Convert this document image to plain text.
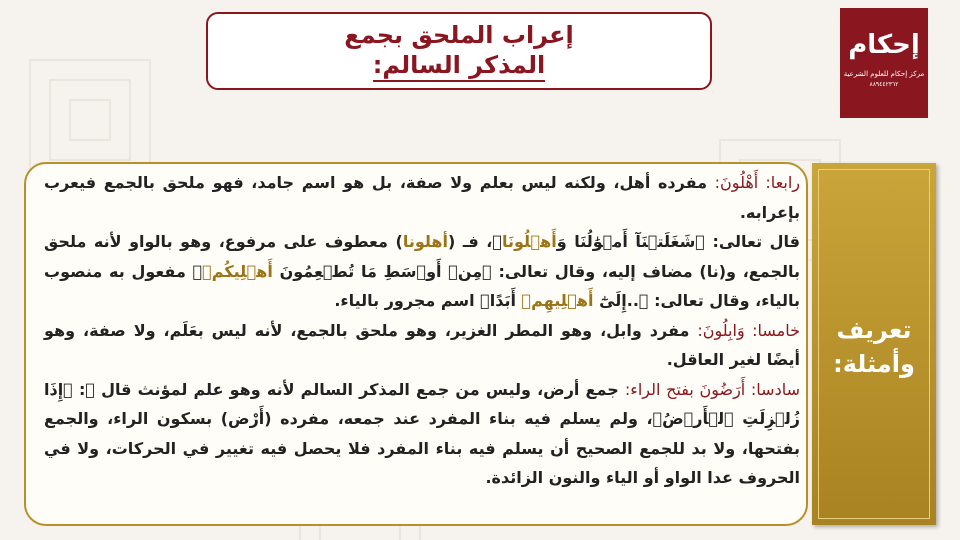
إعراب الملحق بجمع
المذكر السالم:
إحكام
مركز إحكام للعلوم الشرعية
٨٨٩٤٤٢٣٦٢

رابعا: أَهْلُونَ: مفرده أهل، ولكنه ليس بعلم ولا صفة، بل هو اسم جامد، فهو ملحق بالجمع فيعرب بإعرابه.

قال تعالى: ﴿شَغَلَتۡنَآ أَمۡوَٰلُنَا وَأَهۡلُونَا﴾، فـ (أهلونا) معطوف على مرفوع، وهو بالواو لأنه ملحق بالجمع، و(نا) مضاف إليه، وقال تعالى: ﴿مِنۡ أَوۡسَطِ مَا تُطۡعِمُونَ أَهۡلِيكُمۡ﴾ مفعول به منصوب بالياء، وقال تعالى: ﴿..إِلَىٰٓ أَهۡلِيهِمۡ أَبَدًا﴾ اسم مجرور بالياء.

خامسا: وَابِلُونَ: مفرد وابل، وهو المطر الغزير، وهو ملحق بالجمع، لأنه ليس بعَلَم، ولا صفة، وهو أيضًا لغير العاقل.

سادسا: أَرَضُونَ بفتح الراء: جمع أرض، وليس من جمع المذكر السالم لأنه وهو علم لمؤنث قال ﷻ: ﴿إِذَا زُلۡزِلَتِ ٱلۡأَرۡضُ﴾، ولم يسلم فيه بناء المفرد عند جمعه، مفرده (أَرْض) بسكون الراء، والجمع بفتحها، ولا بد للجمع الصحيح أن يسلم فيه بناء المفرد فلا يحصل فيه تغيير في الحركات، ولا في الحروف عدا الواو أو الياء والنون الزائدة.

تعريف
وأمثلة:
